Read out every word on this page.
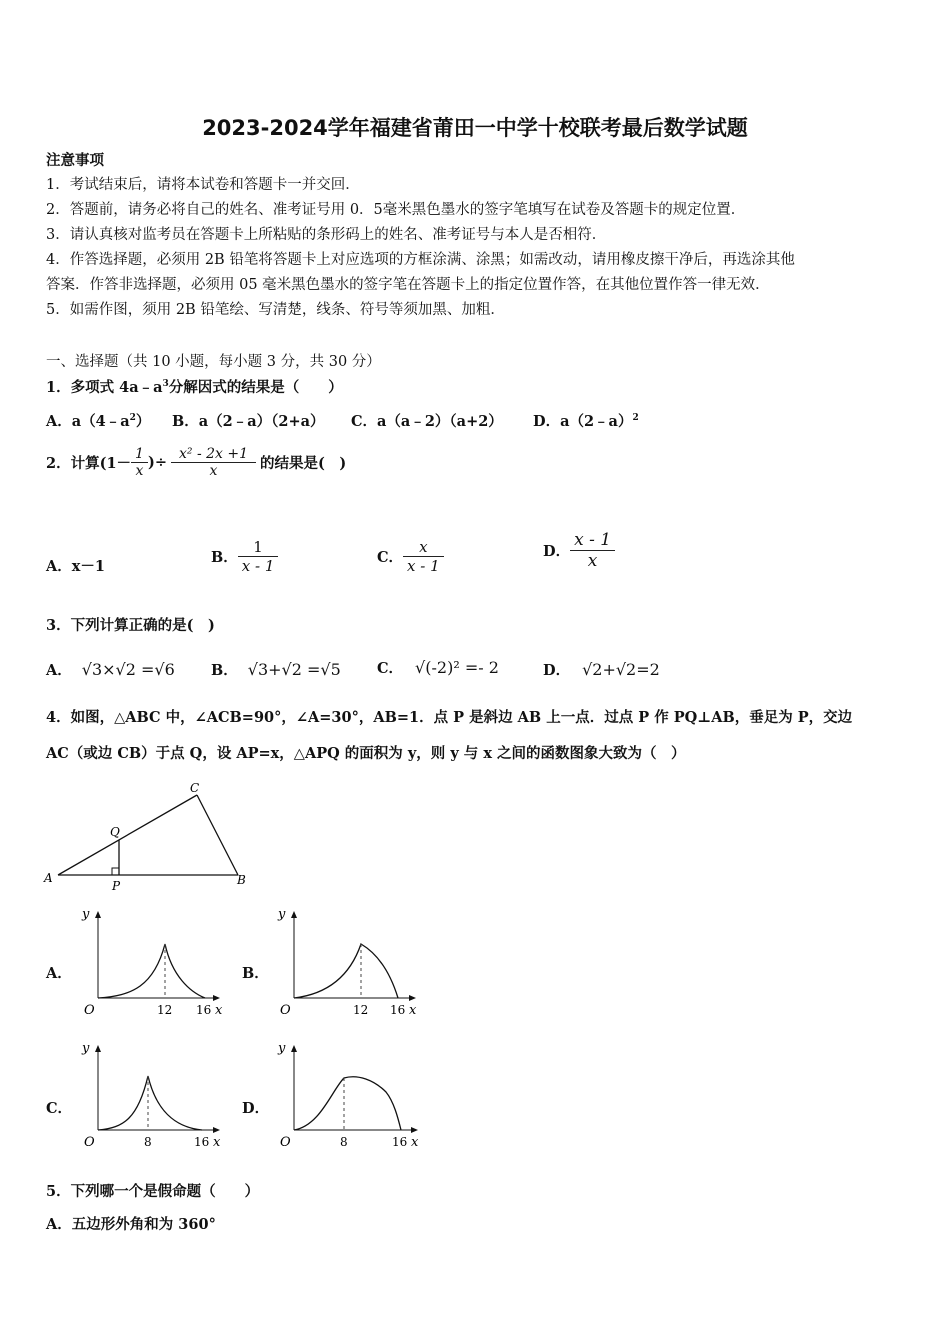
2023-2024学年福建省莆田一中学十校联考最后数学试题
注意事项
1．考试结束后，请将本试卷和答题卡一并交回．
2．答题前，请务必将自己的姓名、准考证号用 0．5毫米黑色墨水的签字笔填写在试卷及答题卡的规定位置．
3．请认真核对监考员在答题卡上所粘贴的条形码上的姓名、准考证号与本人是否相符．
4．作答选择题，必须用 2B 铅笔将答题卡上对应选项的方框涂满、涂黑；如需改动，请用橡皮擦干净后，再选涂其他
答案．作答非选择题，必须用 05 毫米黑色墨水的签字笔在答题卡上的指定位置作答，在其他位置作答一律无效．
5．如需作图，须用 2B 铅笔绘、写清楚，线条、符号等须加黑、加粗．
一、选择题（共 10 小题，每小题 3 分，共 30 分）
1．多项式 $4a﹣a^3$分解因式的结果是（　　）
A．$a(4﹣a^2)$ B．a（2﹣a）（2+a） C．a（a﹣2）（a+2） D．a（2﹣a）$^2$
2．计算($1- \frac{1}{x}$ )÷ $\frac{\text{x² - 2x +1}}{x}$ 的结果是(　)
A．x－1
B． $\frac{1}{x - 1}$	C． $\frac{x}{x - 1}$	D． $\frac{x - 1}{x}$
3．下列计算正确的是(　)
A． √3×√2 =√6 B． √3+√2 =√5 C． √(-2)² =- 2	D． √2+√2=2
4．如图，△ABC 中，∠ACB=90°，∠A=30°，AB=1．点 P 是斜边 AB 上一点．过点 P 作 PQ⊥AB，垂足为 P，交边
AC（或边 CB）于点 Q，设 AP=x，△APQ 的面积为 y，则 y 与 x 之间的函数图象大致为（　）
A	B
C
P
Q
A．
y
O	12 16 x
B．
y
O	12 16 x
C．
y
O	8	16 x
D．
y
O	8	16 x
5．下列哪一个是假命题（　　）
A．五边形外角和为 360°
